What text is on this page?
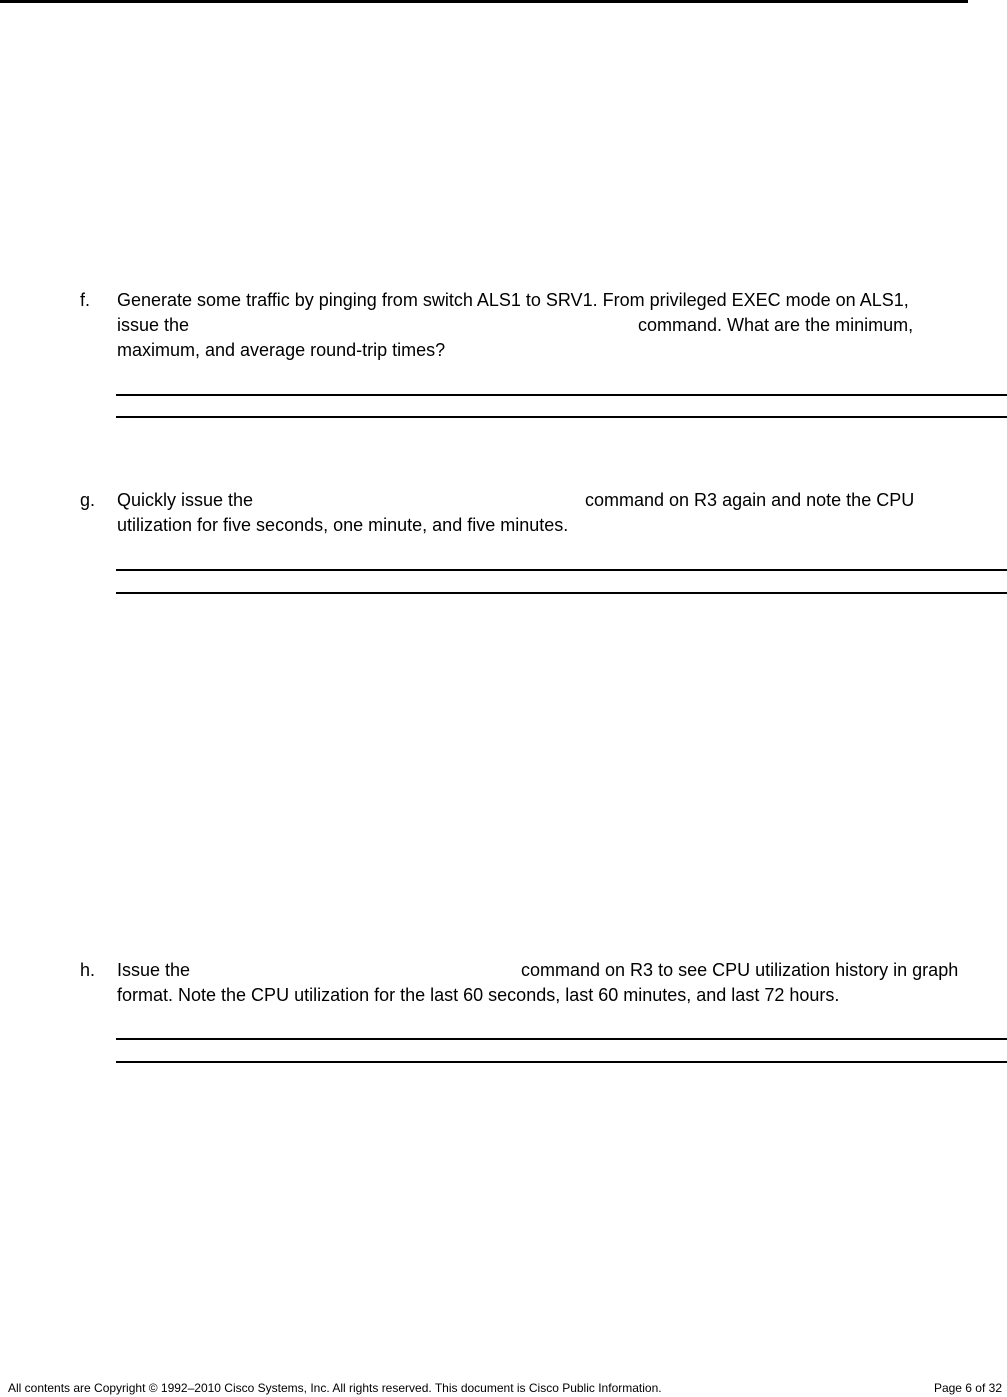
f. Generate some traffic by pinging from switch ALS1 to SRV1. From privileged EXEC mode on ALS1,
issue the	command. What are the minimum,
maximum, and average round-trip times?
g. Quickly issue the	command on R3 again and note the CPU
utilization for five seconds, one minute, and five minutes.
h. Issue the	command on R3 to see CPU utilization history in graph
format. Note the CPU utilization for the last 60 seconds, last 60 minutes, and last 72 hours.
All contents are Copyright © 1992–2010 Cisco Systems, Inc. All rights reserved. This document is Cisco Public Information.	Page 6 of 32
